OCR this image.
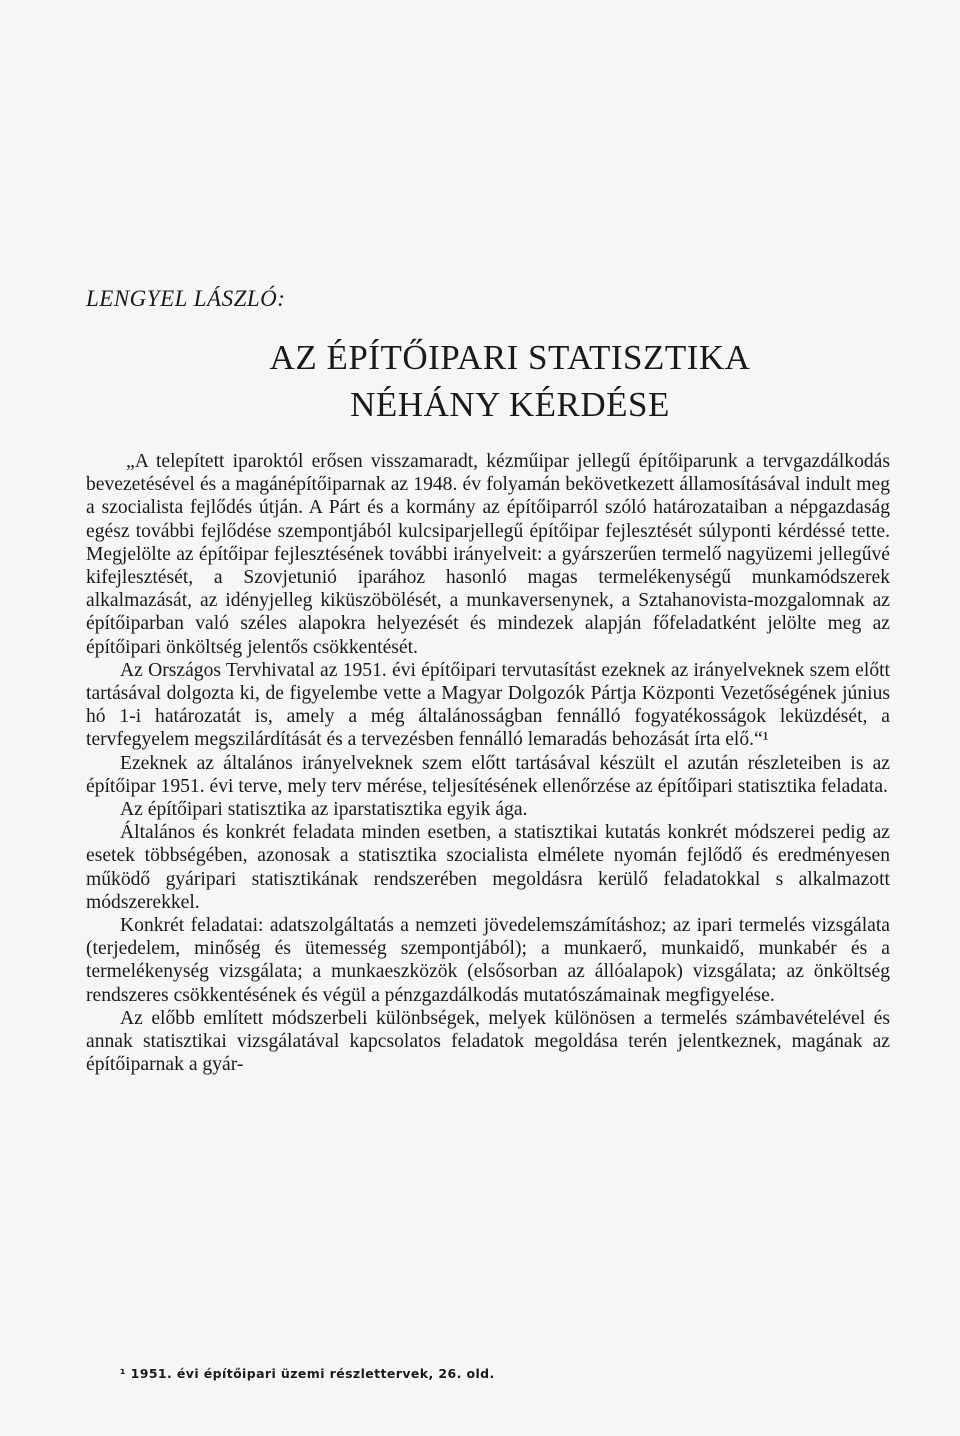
LENGYEL LÁSZLÓ:
AZ ÉPÍTŐIPARI STATISZTIKA
NÉHÁNY KÉRDÉSE

„A telepített iparoktól erősen visszamaradt, kézműipar jellegű építőiparunk a tervgazdálkodás bevezetésével és a magánépítőiparnak az 1948. év folyamán bekövetkezett államosításával indult meg a szocialista fejlődés útján. A Párt és a kormány az építőiparról szóló határozataiban a népgazdaság egész további fejlődése szempontjából kulcsiparjellegű építőipar fejlesztését súlyponti kérdéssé tette. Megjelölte az építőipar fejlesztésének további irányelveit: a gyárszerűen termelő nagyüzemi jellegűvé kifejlesztését, a Szovjetunió iparához hasonló magas termelékenységű munkamódszerek alkalmazását, az idényjelleg kiküszöbölését, a munkaversenynek, a Sztahanovista-mozgalomnak az építőiparban való széles alapokra helyezését és mindezek alapján főfeladatként jelölte meg az építőipari önköltség jelentős csökkentését.

Az Országos Tervhivatal az 1951. évi építőipari tervutasítást ezeknek az irányelveknek szem előtt tartásával dolgozta ki, de figyelembe vette a Magyar Dolgozók Pártja Központi Vezetőségének június hó 1-i határozatát is, amely a még általánosságban fennálló fogyatékosságok leküzdését, a tervfegyelem megszilárdítását és a tervezésben fennálló lemaradás behozását írta elő.“¹

Ezeknek az általános irányelveknek szem előtt tartásával készült el azután részleteiben is az építőipar 1951. évi terve, mely terv mérése, teljesítésének ellenőrzése az építőipari statisztika feladata.

Az építőipari statisztika az iparstatisztika egyik ága.

Általános és konkrét feladata minden esetben, a statisztikai kutatás konkrét módszerei pedig az esetek többségében, azonosak a statisztika szocialista elmélete nyomán fejlődő és eredményesen működő gyáripari statisztikának rendszerében megoldásra kerülő feladatokkal s alkalmazott módszerekkel.

Konkrét feladatai: adatszolgáltatás a nemzeti jövedelemszámításhoz; az ipari termelés vizsgálata (terjedelem, minőség és ütemesség szempontjából); a munkaerő, munkaidő, munkabér és a termelékenység vizsgálata; a munkaeszközök (elsősorban az állóalapok) vizsgálata; az önköltség rendszeres csökkentésének és végül a pénzgazdálkodás mutatószámainak megfigyelése.

Az előbb említett módszerbeli különbségek, melyek különösen a termelés számbavételével és annak statisztikai vizsgálatával kapcsolatos feladatok megoldása terén jelentkeznek, magának az építőiparnak a gyár-

¹ 1951. évi építőipari üzemi részlettervek, 26. old.
